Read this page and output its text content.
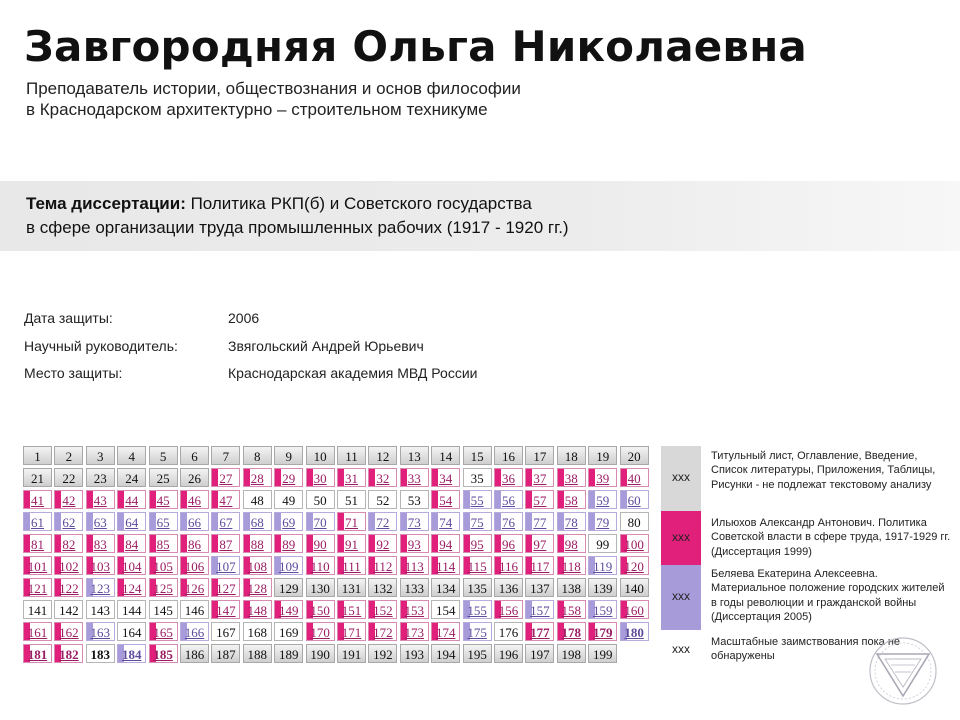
Завгородняя Ольга Николаевна
Преподаватель истории, обществознания и основ философии
в Краснодарском архитектурно – строительном техникуме
Тема диссертации: Политика РКП(б) и Советского государства
в сфере организации труда промышленных рабочих (1917 - 1920 гг.)
Дата защиты:	2006
Научный руководитель:	Звягольский Андрей Юрьевич
Место защиты:	Краснодарская академия МВД России
1	2	3	4	5	6	7	8	9	10	11	12	13	14	15	16	17	18	19	20
21	22	23	24	25	26	27	28	29	30	31	32	33	34	35	36	37	38	39	40
41	42	43	44	45	46	47	48	49	50	51	52	53	54	55	56	57	58	59	60
61	62	63	64	65	66	67	68	69	70	71	72	73	74	75	76	77	78	79	80
81	82	83	84	85	86	87	88	89	90	91	92	93	94	95	96	97	98	99	100
101 102 103 104 105 106 107 108 109 110 111 112 113 114 115 116 117 118 119 120
121 122 123 124 125 126 127 128 129 130 131 132 133 134 135 136 137 138 139 140
141 142 143 144 145 146 147 148 149 150 151 152 153 154 155 156 157 158 159 160
161 162 163 164 165 166 167 168 169 170 171 172 173 174 175 176 177 178 179 180
181 182 183 184 185 186 187 188 189 190 191 192 193 194 195 196 197 198 199
xxx
Титульный лист, Оглавление, Введение, Список литературы, Приложения, Таблицы, Рисунки - не подлежат текстовому анализу
xxx
Ильюхов Александр Антонович. Политика Советской власти в сфере труда, 1917-1929 гг. (Диссертация 1999)
xxx
Беляева Екатерина Алексеевна. Материальное положение городских жителей в годы революции и гражданской войны (Диссертация 2005)
xxx	Масштабные заимствования пока не обнаружены
